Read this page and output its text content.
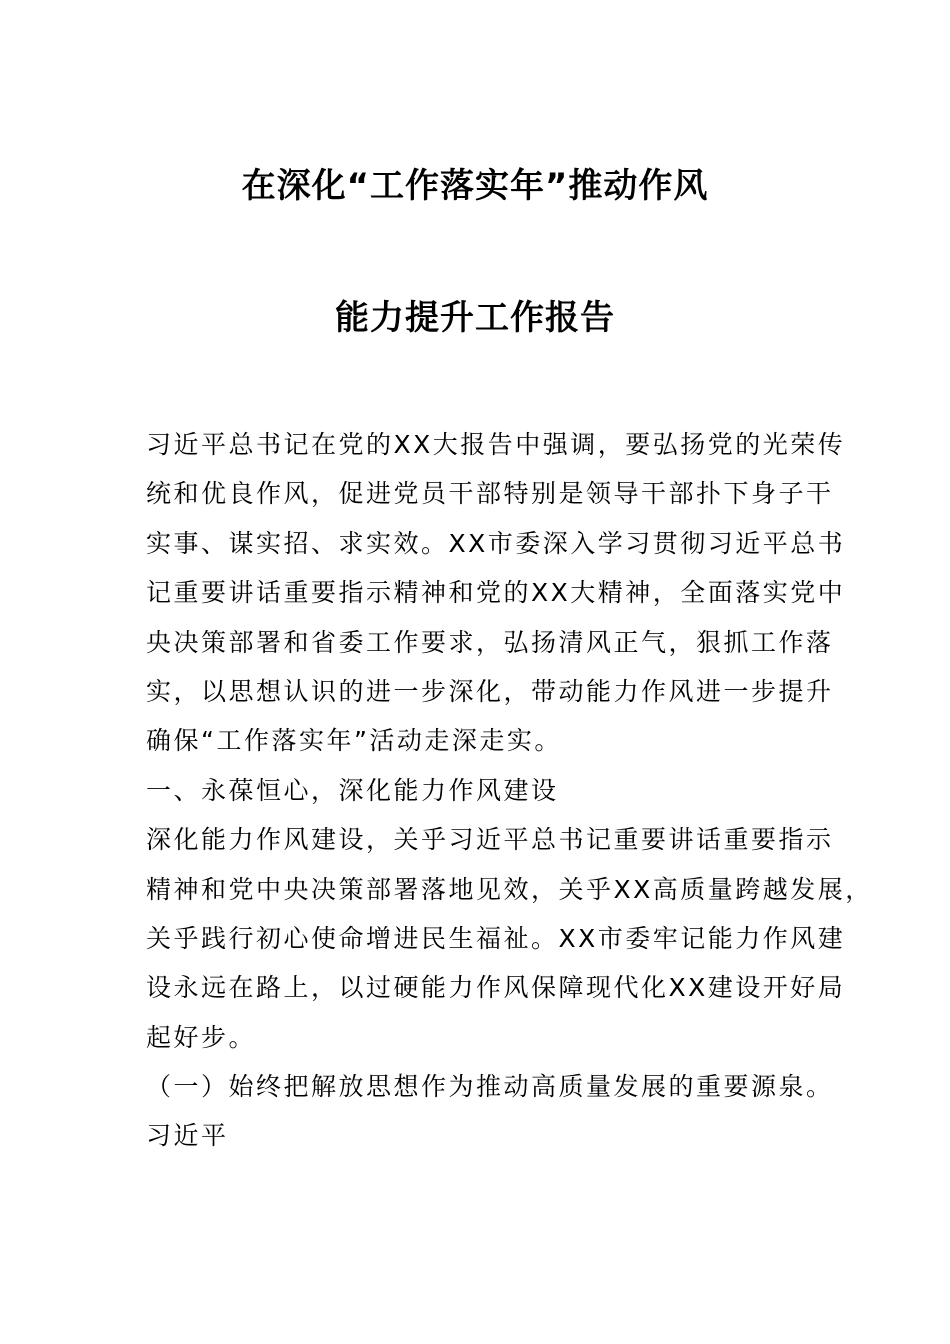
在深化“工作落实年”推动作风
能力提升工作报告
习近平总书记在党的XX大报告中强调，要弘扬党的光荣传
统和优良作风，促进党员干部特别是领导干部扑下身子干
实事、谋实招、求实效。XX市委深入学习贯彻习近平总书
记重要讲话重要指示精神和党的XX大精神，全面落实党中
央决策部署和省委工作要求，弘扬清风正气，狠抓工作落
实，以思想认识的进一步深化，带动能力作风进一步提升
确保“工作落实年”活动走深走实。
一、永葆恒心，深化能力作风建设
深化能力作风建设，关乎习近平总书记重要讲话重要指示
精神和党中央决策部署落地见效，关乎XX高质量跨越发展，
关乎践行初心使命增进民生福祉。XX市委牢记能力作风建
设永远在路上，以过硬能力作风保障现代化XX建设开好局
起好步。
（一）始终把解放思想作为推动高质量发展的重要源泉。
习近平
